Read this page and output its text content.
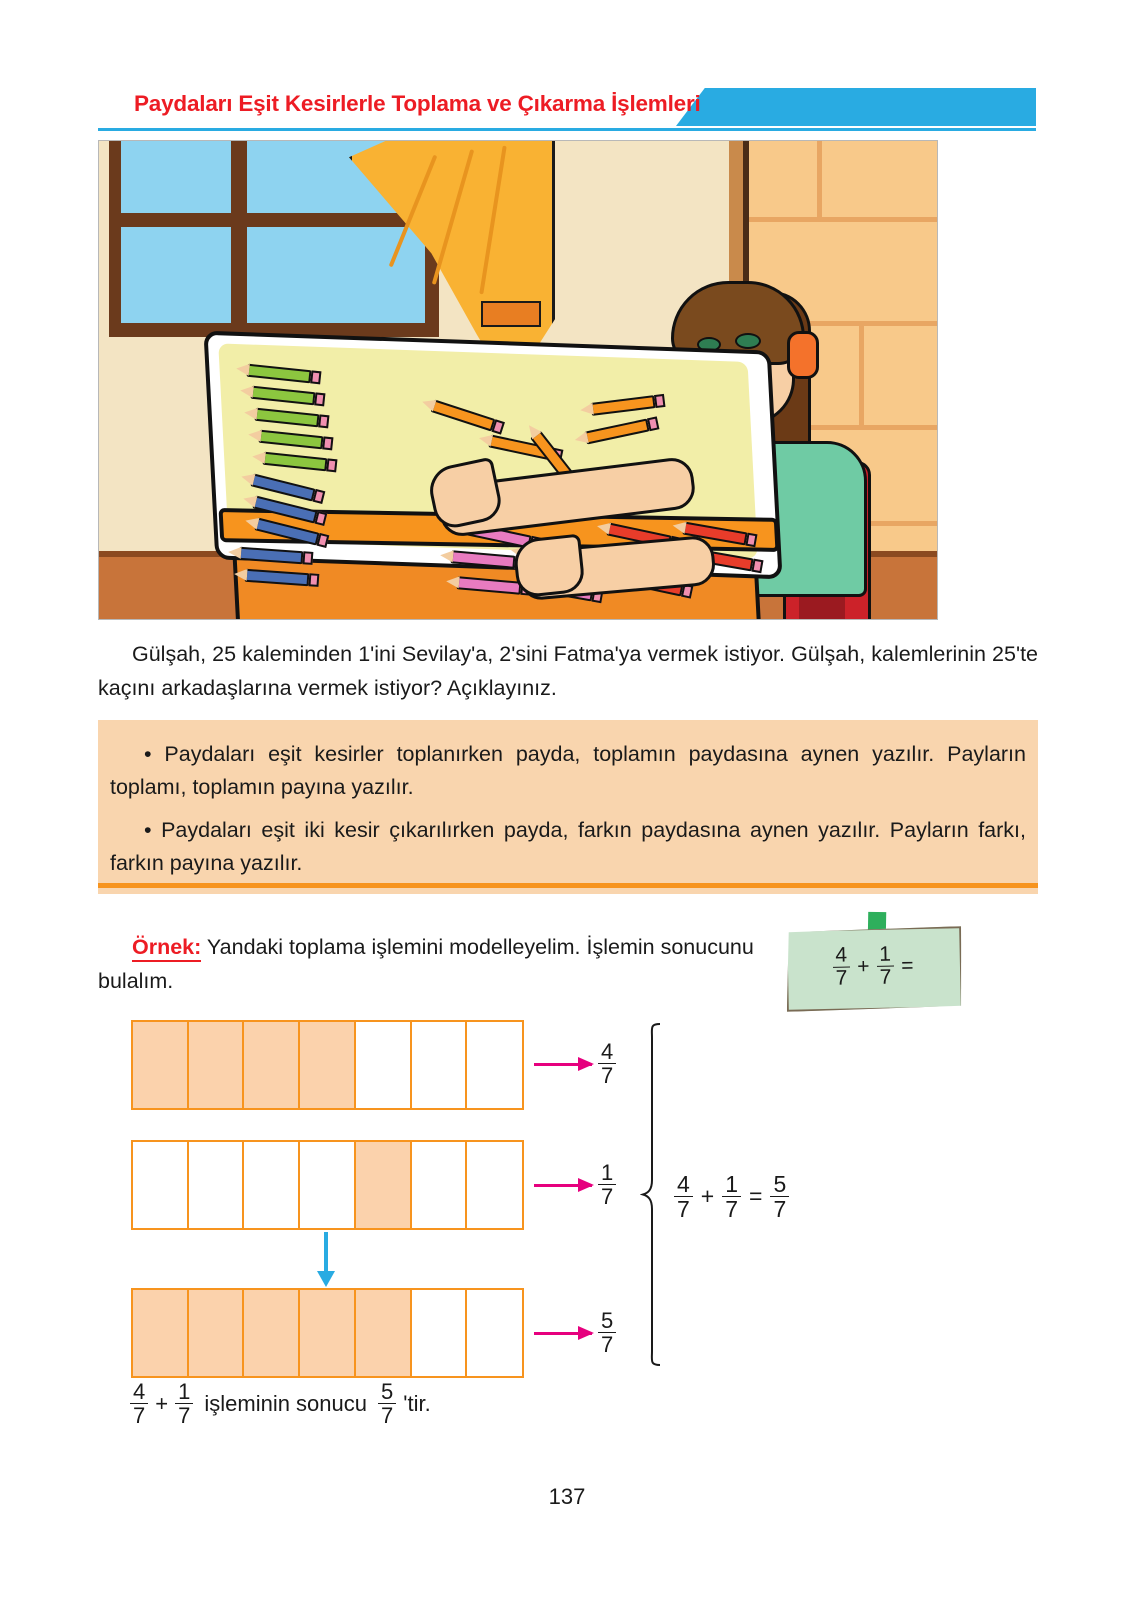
Paydaları Eşit Kesirlerle Toplama ve Çıkarma İşlemleri
Gülşah, 25 kaleminden 1'ini Sevilay'a, 2'sini Fatma'ya vermek istiyor. Gülşah, kalemlerinin 25'te kaçını arkadaşlarına vermek istiyor? Açıklayınız.

• Paydaları eşit kesirler toplanırken payda, toplamın paydasına aynen yazılır. Payların toplamı, toplamın payına yazılır.

• Paydaları eşit iki kesir çıkarılırken payda, farkın paydasına aynen yazılır. Payların farkı, farkın payına yazılır.

Örnek: Yandaki toplama işlemini modelleyelim. İşlemin sonucunu bulalım.	$\frac{4}{7} + \frac{1}{7}$ =
$\frac{4}{7}$
$\frac{1}{7}$
$\frac{5}{7}$
$\frac{4}{7} + \frac{1}{7} = \frac{5}{7}$
$\frac{4}{7} + \frac{1}{7}$ işleminin sonucu $\frac{5}{7}$ 'tir.
137
